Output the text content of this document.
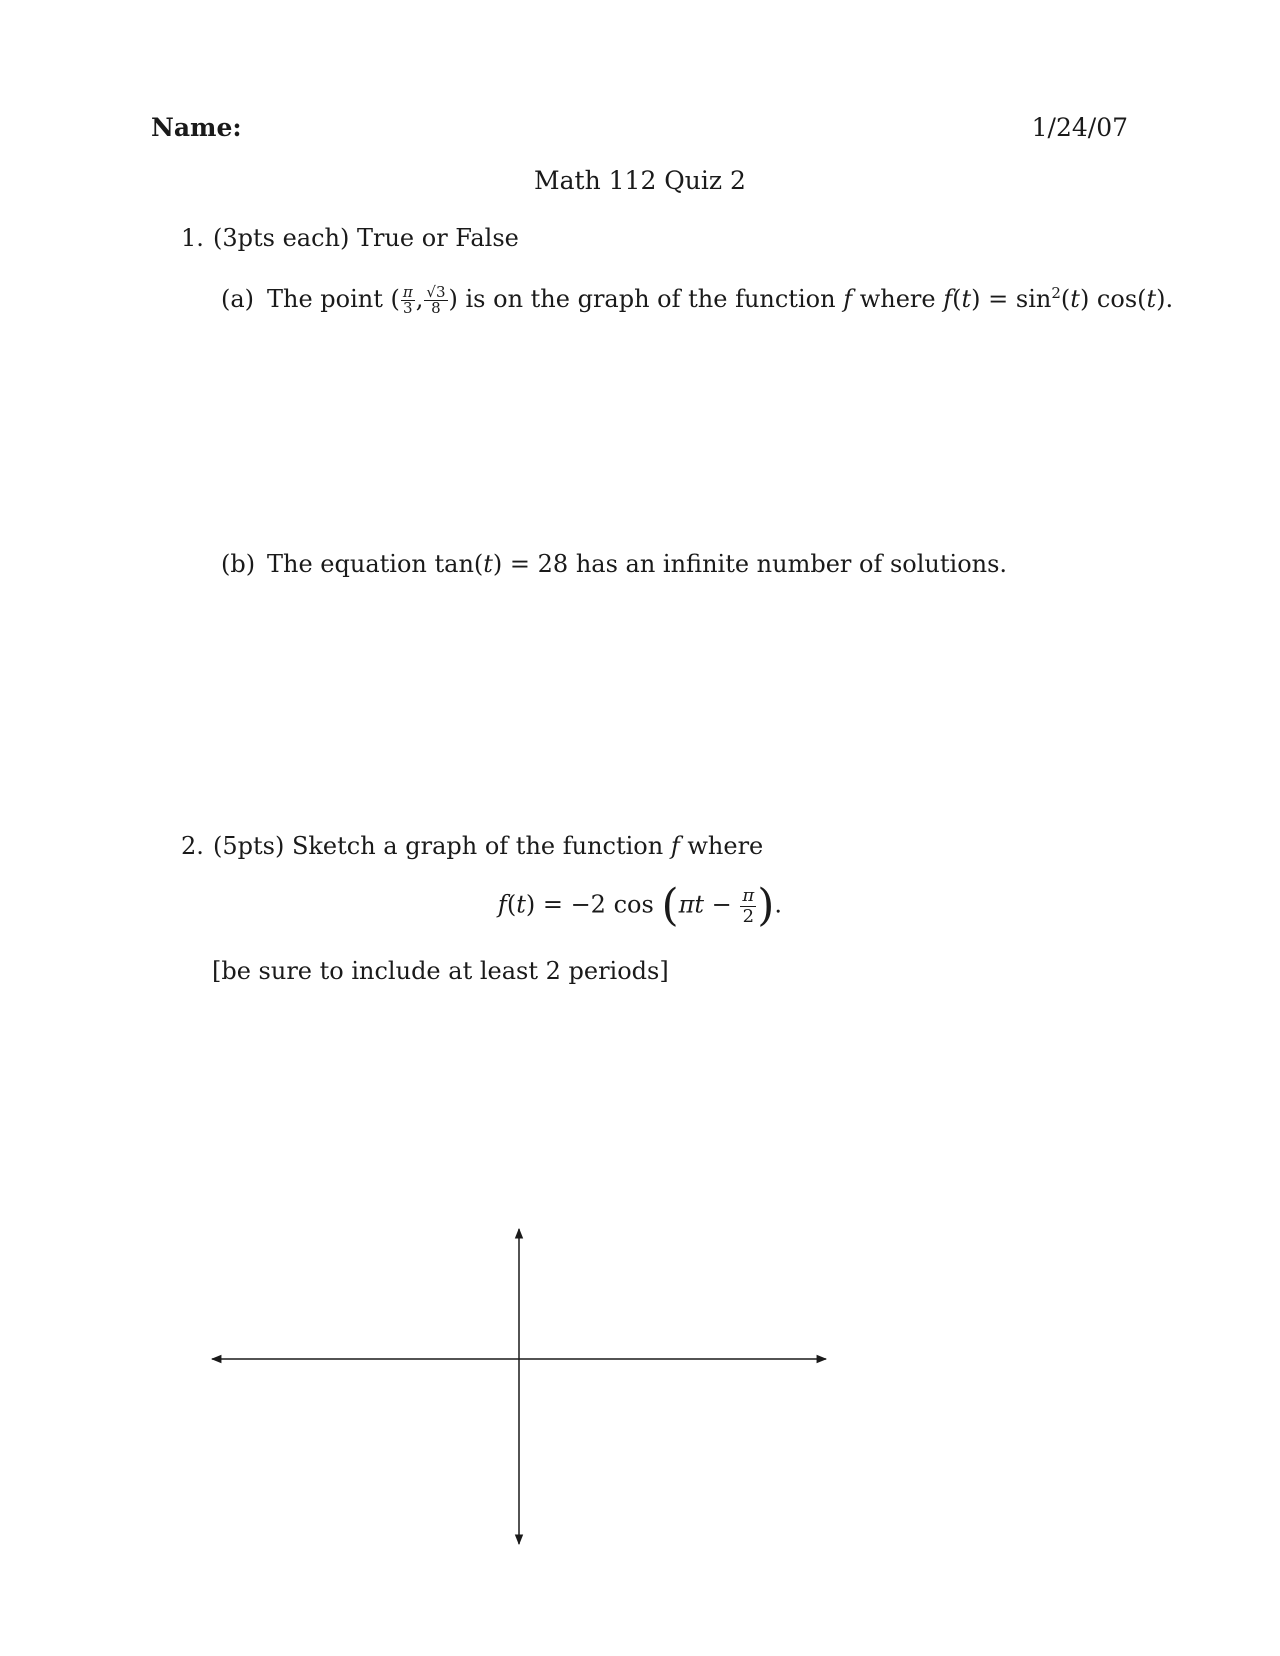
Name:	1/24/07
Math 112 Quiz 2
1. (3pts each) True or False
(a) The point ( $\frac{\pi}{3}$ , $\frac{√3}{8}$ ) is on the graph of the function f where $f(t) = \sin^2(t)$ cos(t).
(b) The equation tan(t) = 28 has an infinite number of solutions.
2. (5pts) Sketch a graph of the function f where
f(t) = −2 $\cos (\pi t - \frac{\pi}{2}$ ).
[be sure to include at least 2 periods]
